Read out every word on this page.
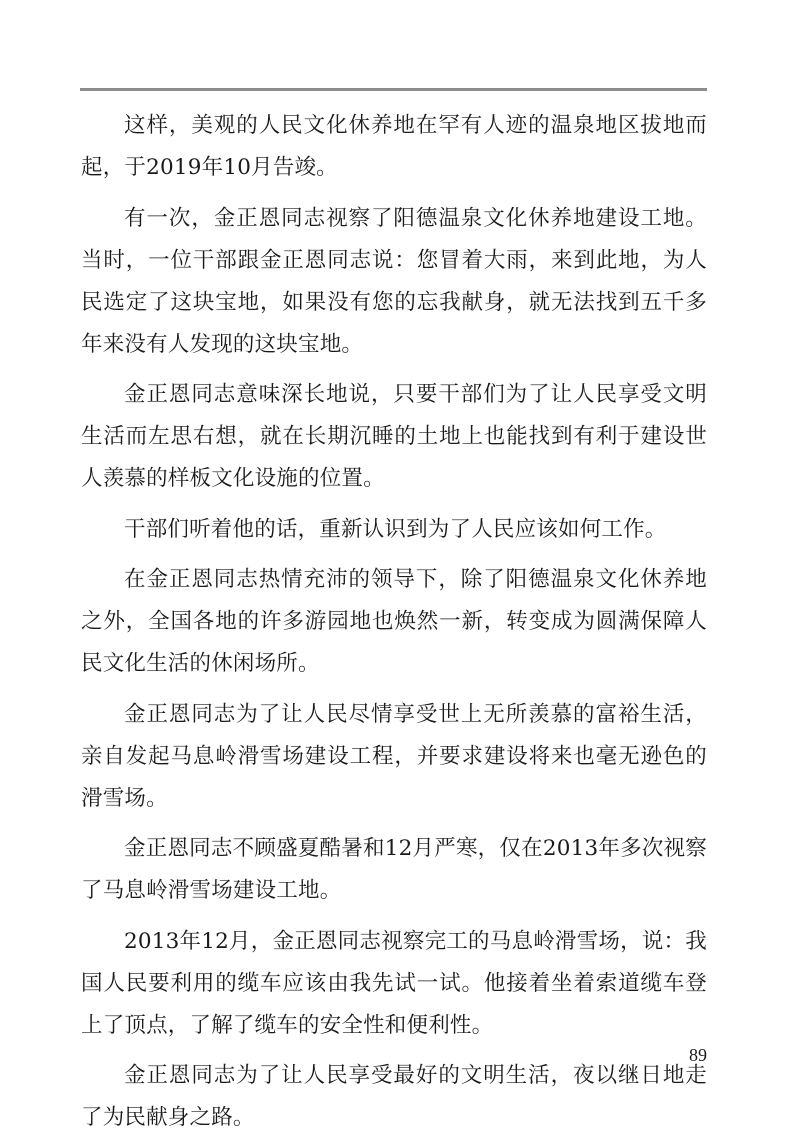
这样，美观的人民文化休养地在罕有人迹的温泉地区拔地而起，于2019年10月告竣。

有一次，金正恩同志视察了阳德温泉文化休养地建设工地。当时，一位干部跟金正恩同志说：您冒着大雨，来到此地，为人民选定了这块宝地，如果没有您的忘我献身，就无法找到五千多年来没有人发现的这块宝地。

金正恩同志意味深长地说，只要干部们为了让人民享受文明生活而左思右想，就在长期沉睡的土地上也能找到有利于建设世人羡慕的样板文化设施的位置。

干部们听着他的话，重新认识到为了人民应该如何工作。

在金正恩同志热情充沛的领导下，除了阳德温泉文化休养地之外，全国各地的许多游园地也焕然一新，转变成为圆满保障人民文化生活的休闲场所。

金正恩同志为了让人民尽情享受世上无所羡慕的富裕生活，亲自发起马息岭滑雪场建设工程，并要求建设将来也毫无逊色的滑雪场。

金正恩同志不顾盛夏酷暑和12月严寒，仅在2013年多次视察了马息岭滑雪场建设工地。

2013年12月，金正恩同志视察完工的马息岭滑雪场，说：我国人民要利用的缆车应该由我先试一试。他接着坐着索道缆车登上了顶点，了解了缆车的安全性和便利性。

金正恩同志为了让人民享受最好的文明生活，夜以继日地走了为民献身之路。

89
